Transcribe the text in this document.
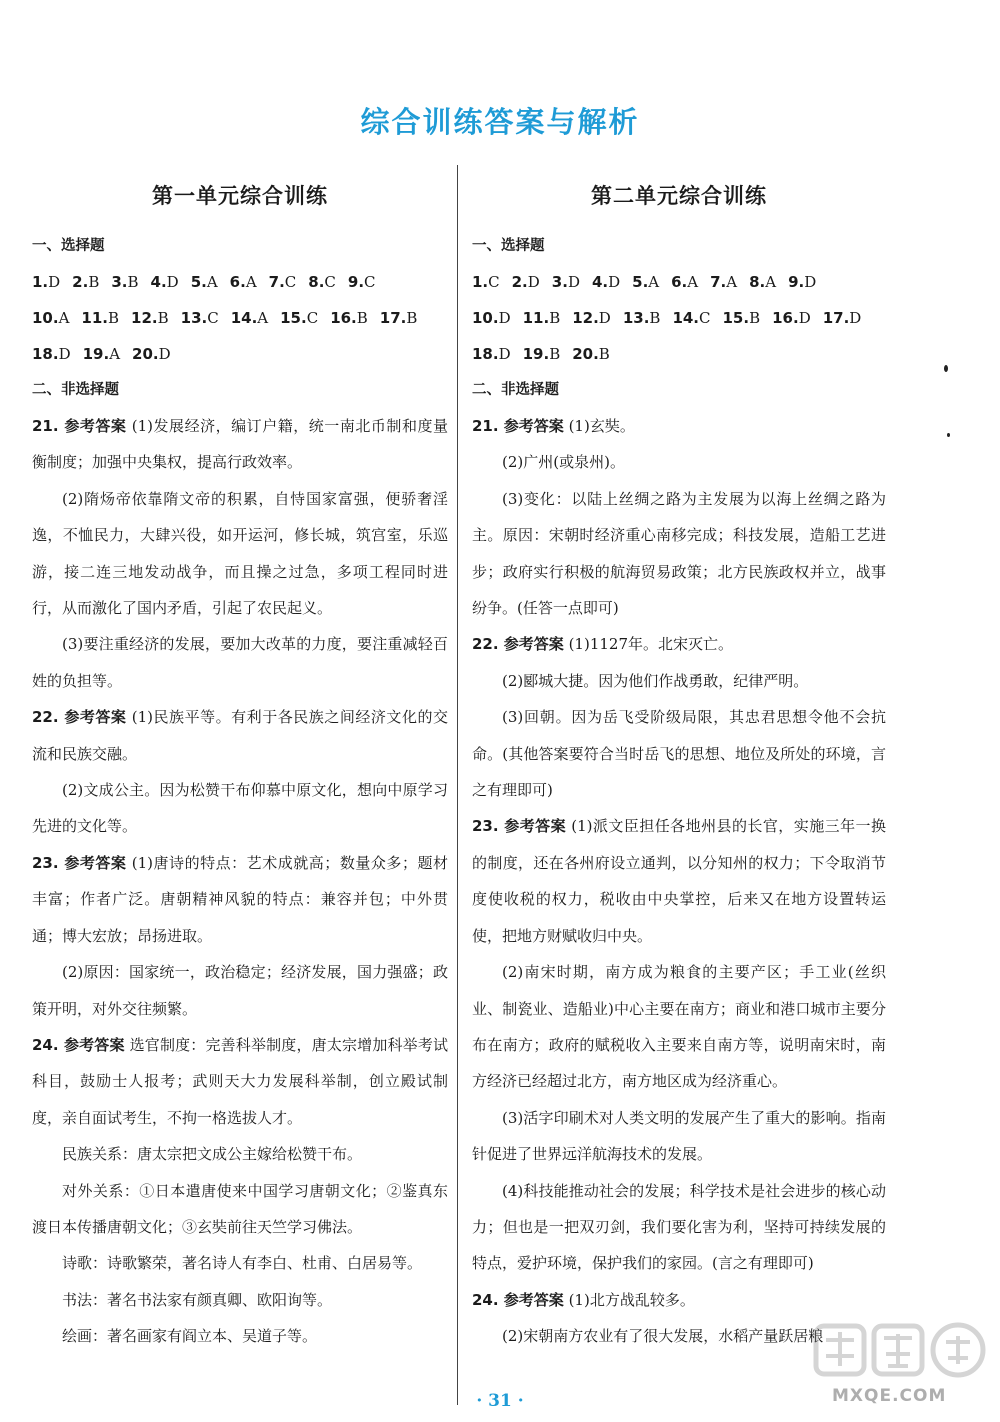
综合训练答案与解析
第一单元综合训练
一、选择题
1.D 2.B 3.B 4.D 5.A 6.A 7.C 8.C 9.C
10.A 11.B 12.B 13.C 14.A 15.C 16.B 17.B
18.D 19.A 20.D
二、非选择题

21. 参考答案 (1)发展经济，编订户籍，统一南北币制和度量衡制度；加强中央集权，提高行政效率。

(2)隋炀帝依靠隋文帝的积累，自恃国家富强，便骄奢淫逸，不恤民力，大肆兴役，如开运河，修长城，筑宫室，乐巡游，接二连三地发动战争，而且操之过急，多项工程同时进行，从而激化了国内矛盾，引起了农民起义。

(3)要注重经济的发展，要加大改革的力度，要注重减轻百姓的负担等。

22. 参考答案 (1)民族平等。有利于各民族之间经济文化的交流和民族交融。

(2)文成公主。因为松赞干布仰慕中原文化，想向中原学习先进的文化等。

23. 参考答案 (1)唐诗的特点：艺术成就高；数量众多；题材丰富；作者广泛。唐朝精神风貌的特点：兼容并包；中外贯通；博大宏放；昂扬进取。

(2)原因：国家统一，政治稳定；经济发展，国力强盛；政策开明，对外交往频繁。

24. 参考答案 选官制度：完善科举制度，唐太宗增加科举考试科目，鼓励士人报考；武则天大力发展科举制，创立殿试制度，亲自面试考生，不拘一格选拔人才。

民族关系：唐太宗把文成公主嫁给松赞干布。

对外关系：①日本遣唐使来中国学习唐朝文化；②鉴真东渡日本传播唐朝文化；③玄奘前往天竺学习佛法。

诗歌：诗歌繁荣，著名诗人有李白、杜甫、白居易等。

书法：著名书法家有颜真卿、欧阳询等。

绘画：著名画家有阎立本、吴道子等。

第二单元综合训练
一、选择题
1.C 2.D 3.D 4.D 5.A 6.A 7.A 8.A 9.D
10.D 11.B 12.D 13.B 14.C 15.B 16.D 17.D
18.D 19.B 20.B
二、非选择题

21. 参考答案 (1)玄奘。

(2)广州(或泉州)。

(3)变化：以陆上丝绸之路为主发展为以海上丝绸之路为主。原因：宋朝时经济重心南移完成；科技发展，造船工艺进步；政府实行积极的航海贸易政策；北方民族政权并立，战事纷争。(任答一点即可)

22. 参考答案 (1)1127年。北宋灭亡。

(2)郾城大捷。因为他们作战勇敢，纪律严明。

(3)回朝。因为岳飞受阶级局限，其忠君思想令他不会抗命。(其他答案要符合当时岳飞的思想、地位及所处的环境，言之有理即可)

23. 参考答案 (1)派文臣担任各地州县的长官，实施三年一换的制度，还在各州府设立通判，以分知州的权力；下令取消节度使收税的权力，税收由中央掌控，后来又在地方设置转运使，把地方财赋收归中央。

(2)南宋时期，南方成为粮食的主要产区；手工业(丝织业、制瓷业、造船业)中心主要在南方；商业和港口城市主要分布在南方；政府的赋税收入主要来自南方等，说明南宋时，南方经济已经超过北方，南方地区成为经济重心。

(3)活字印刷术对人类文明的发展产生了重大的影响。指南针促进了世界远洋航海技术的发展。

(4)科技能推动社会的发展；科学技术是社会进步的核心动力；但也是一把双刃剑，我们要化害为利，坚持可持续发展的特点，爱护环境，保护我们的家园。(言之有理即可)

24. 参考答案 (1)北方战乱较多。

(2)宋朝南方农业有了很大发展，水稻产量跃居粮

· 31 ·	MXQE.COM
